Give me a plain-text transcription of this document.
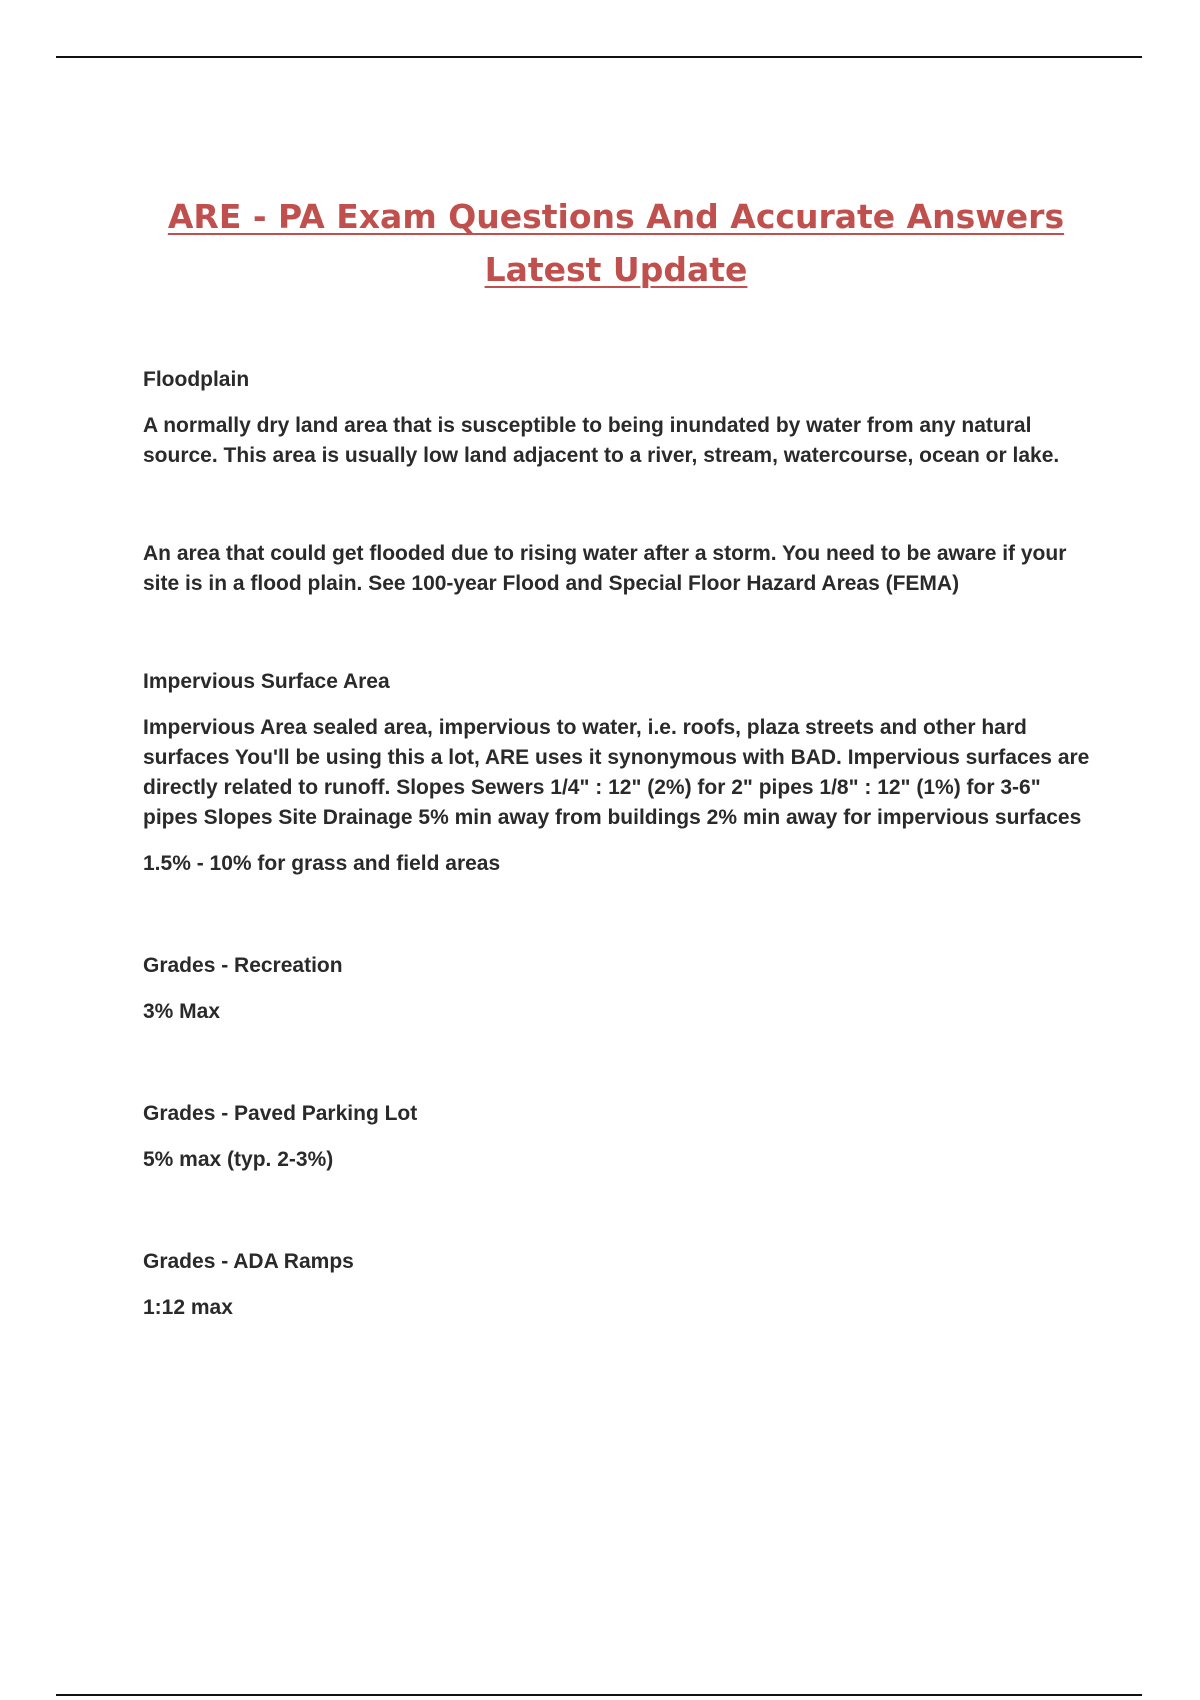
ARE - PA Exam Questions And Accurate Answers
Latest Update

Floodplain

A normally dry land area that is susceptible to being inundated by water from any natural source. This area is usually low land adjacent to a river, stream, watercourse, ocean or lake.

An area that could get flooded due to rising water after a storm. You need to be aware if your site is in a flood plain. See 100-year Flood and Special Floor Hazard Areas (FEMA)

Impervious Surface Area

Impervious Area sealed area, impervious to water, i.e. roofs, plaza streets and other hard surfaces You'll be using this a lot, ARE uses it synonymous with BAD. Impervious surfaces are directly related to runoff. Slopes Sewers 1/4" : 12" (2%) for 2" pipes 1/8" : 12" (1%) for 3-6" pipes Slopes Site Drainage 5% min away from buildings 2% min away for impervious surfaces

1.5% - 10% for grass and field areas

Grades - Recreation

3% Max

Grades - Paved Parking Lot

5% max (typ. 2-3%)

Grades - ADA Ramps

1:12 max
